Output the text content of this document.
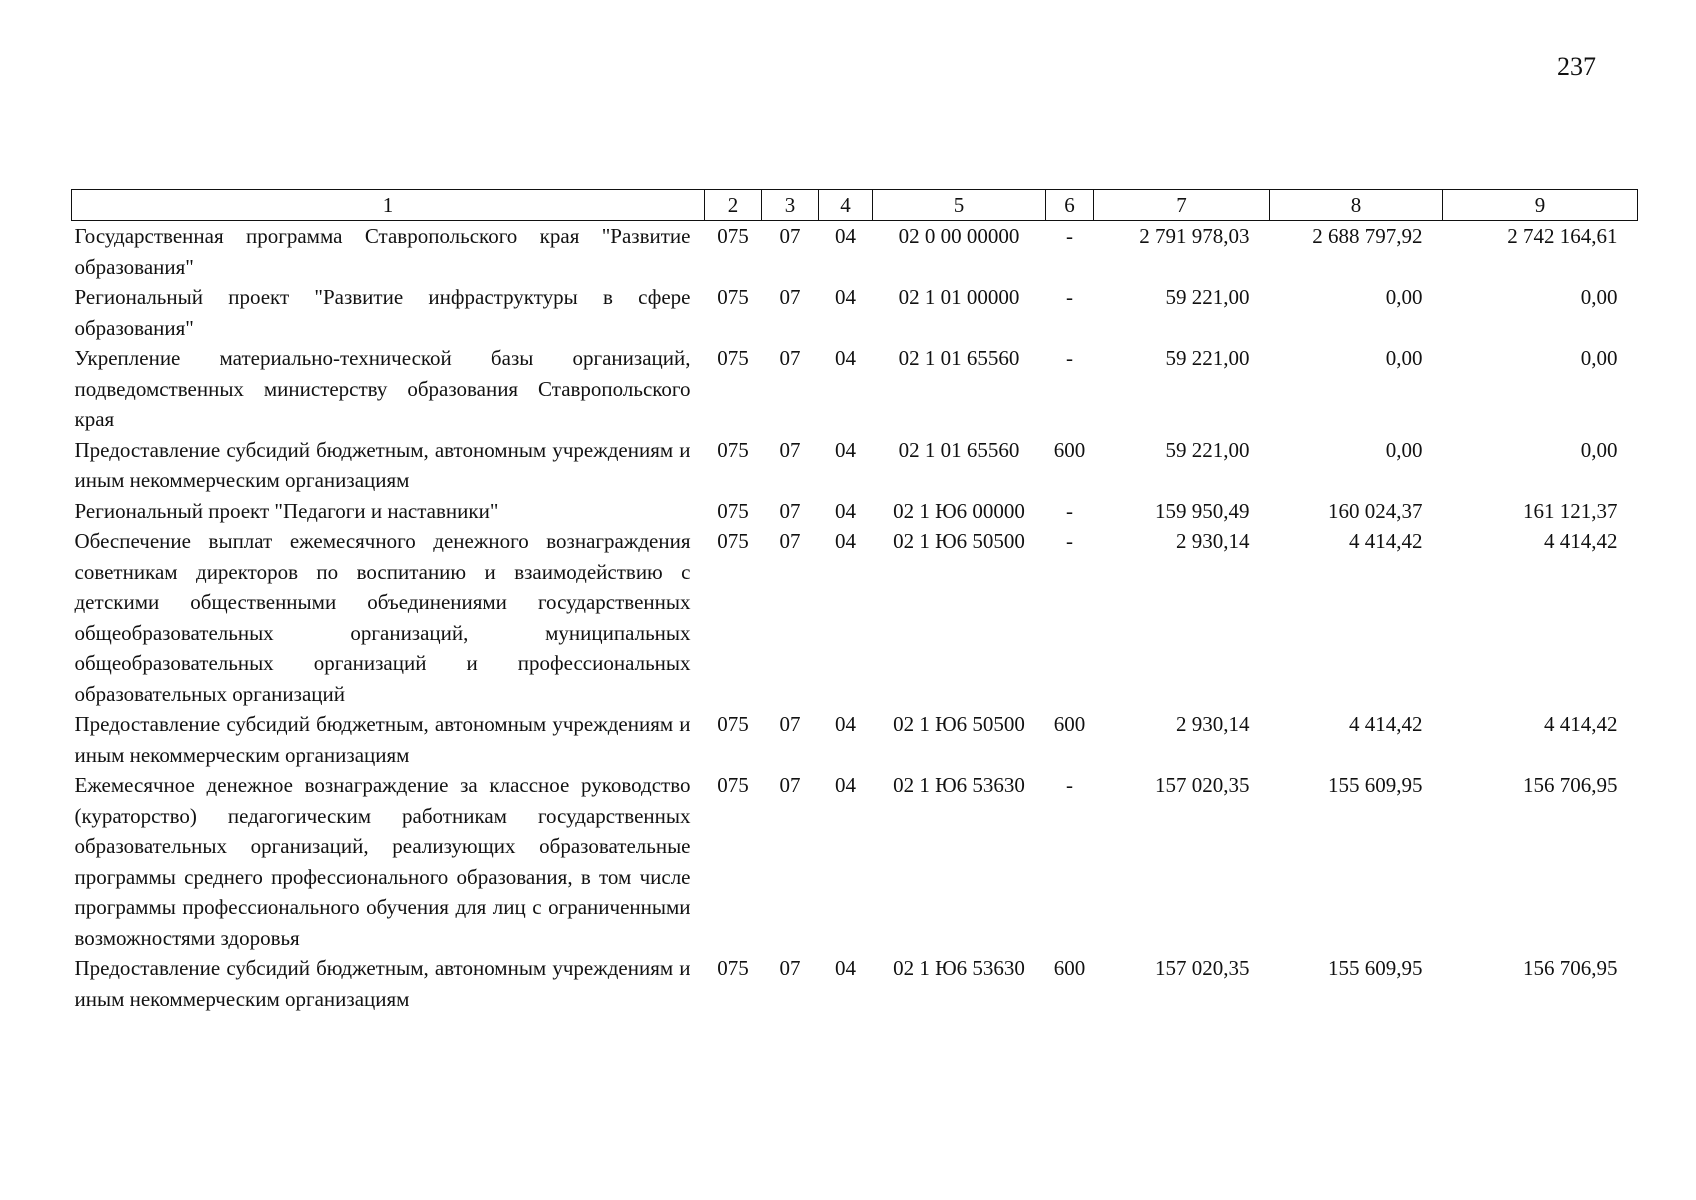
237
1	2	3	4	5	6	7	8	9
Государственная программа Ставропольского края "Развитие образования"	075	07	04	02 0 00 00000	-	2 791 978,03	2 688 797,92	2 742 164,61
Региональный проект "Развитие инфраструктуры в сфере образования"	075	07	04	02 1 01 00000	-	59 221,00	0,00	0,00
Укрепление материально-технической базы организаций, подведомственных министерству образования Ставропольского края	075	07	04	02 1 01 65560	-	59 221,00	0,00	0,00
Предоставление субсидий бюджетным, автономным учреждениям и иным некоммерческим организациям	075	07	04	02 1 01 65560	600	59 221,00	0,00	0,00
Региональный проект "Педагоги и наставники"	075	07	04	02 1 Ю6 00000	-	159 950,49	160 024,37	161 121,37
Обеспечение выплат ежемесячного денежного вознаграждения советникам директоров по воспитанию и взаимодействию с детскими общественными объединениями государственных общеобразовательных организаций, муниципальных общеобразовательных организаций и профессиональных образовательных организаций	075	07	04	02 1 Ю6 50500	-	2 930,14	4 414,42	4 414,42
Предоставление субсидий бюджетным, автономным учреждениям и иным некоммерческим организациям	075	07	04	02 1 Ю6 50500	600	2 930,14	4 414,42	4 414,42
Ежемесячное денежное вознаграждение за классное руководство (кураторство) педагогическим работникам государственных образовательных организаций, реализующих образовательные программы среднего профессионального образования, в том числе программы профессионального обучения для лиц с ограниченными возможностями здоровья	075	07	04	02 1 Ю6 53630	-	157 020,35	155 609,95	156 706,95
Предоставление субсидий бюджетным, автономным учреждениям и иным некоммерческим организациям	075	07	04	02 1 Ю6 53630	600	157 020,35	155 609,95	156 706,95
